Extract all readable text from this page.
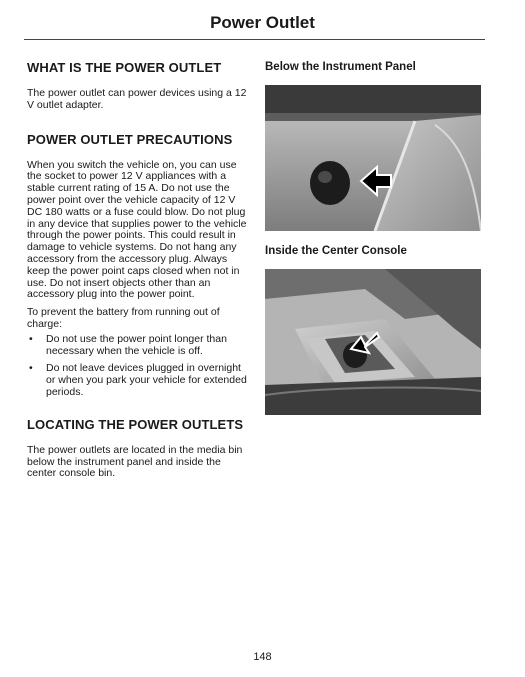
Power Outlet
WHAT IS THE POWER OUTLET

The power outlet can power devices using a 12 V outlet adapter.

POWER OUTLET PRECAUTIONS

When you switch the vehicle on, you can use the socket to power 12 V appliances with a stable current rating of 15 A. Do not use the power point over the vehicle capacity of 12 V DC 180 watts or a fuse could blow. Do not plug in any device that supplies power to the vehicle through the power points. This could result in damage to vehicle systems. Do not hang any accessory from the accessory plug. Always keep the power point caps closed when not in use. Do not insert objects other than an accessory plug into the power point.

To prevent the battery from running out of charge:

• Do not use the power point longer than necessary when the vehicle is off.
• Do not leave devices plugged in overnight or when you park your vehicle for extended periods.
LOCATING THE POWER OUTLETS

The power outlets are located in the media bin below the instrument panel and inside the center console bin.

Below the Instrument Panel
Inside the Center Console
148
